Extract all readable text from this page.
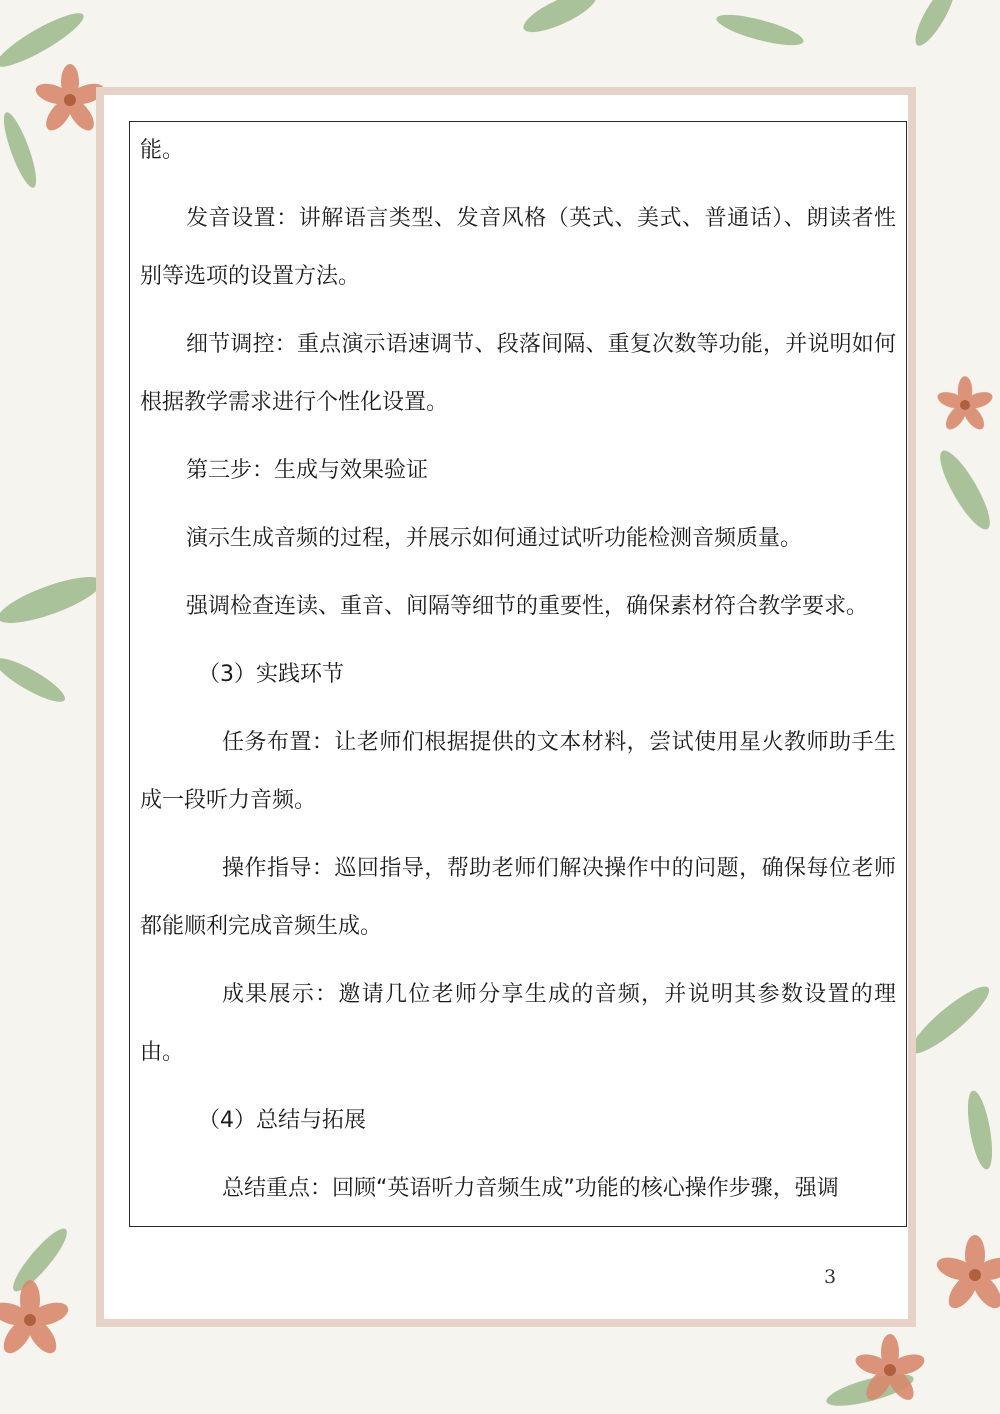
能。

发音设置：讲解语言类型、发音风格（英式、美式、普通话）、朗读者性别等选项的设置方法。

细节调控：重点演示语速调节、段落间隔、重复次数等功能，并说明如何根据教学需求进行个性化设置。

第三步：生成与效果验证

演示生成音频的过程，并展示如何通过试听功能检测音频质量。

强调检查连读、重音、间隔等细节的重要性，确保素材符合教学要求。

（3）实践环节

任务布置：让老师们根据提供的文本材料，尝试使用星火教师助手生成一段听力音频。

操作指导：巡回指导，帮助老师们解决操作中的问题，确保每位老师都能顺利完成音频生成。

成果展示：邀请几位老师分享生成的音频，并说明其参数设置的理由。

（4）总结与拓展

总结重点：回顾“英语听力音频生成”功能的核心操作步骤，强调

3
